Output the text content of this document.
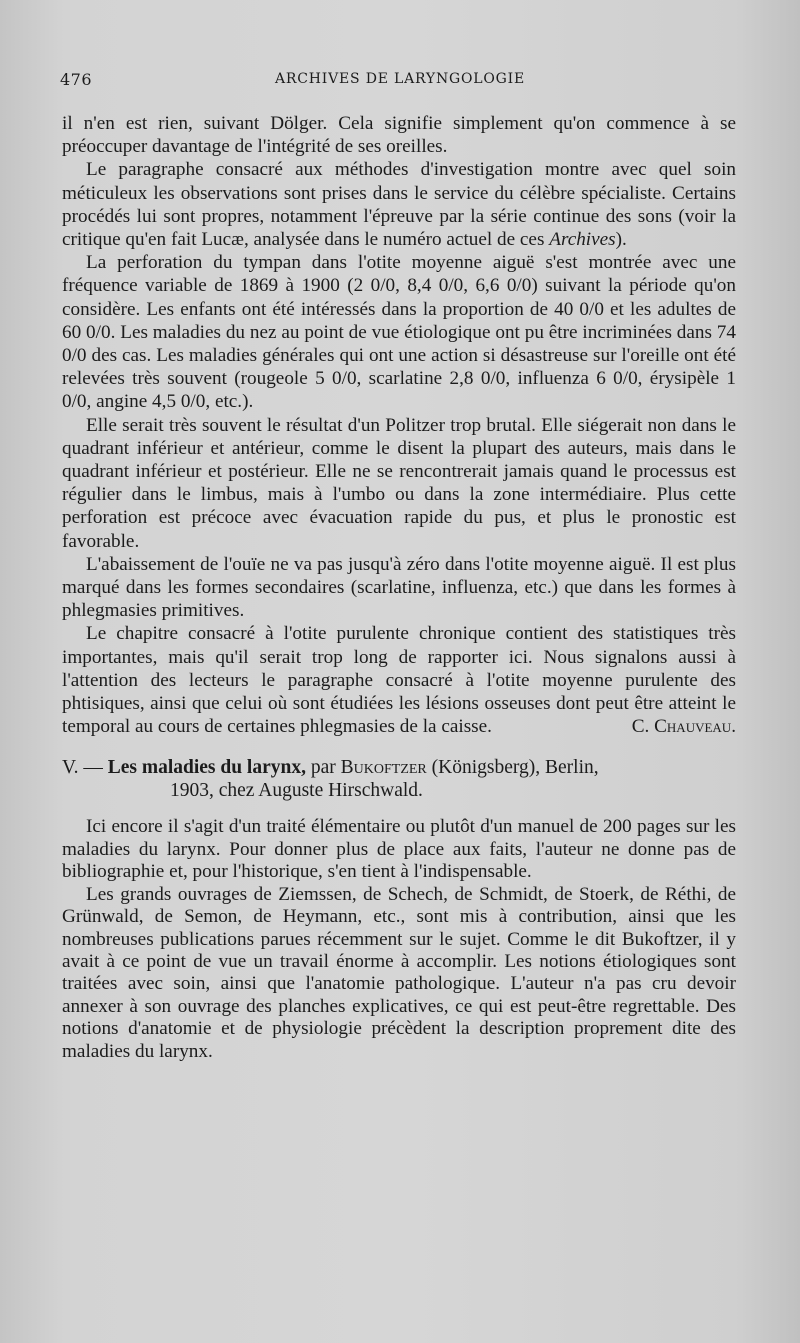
476	ARCHIVES DE LARYNGOLOGIE

il n'en est rien, suivant Dölger. Cela signifie simplement qu'on commence à se préoccuper davantage de l'intégrité de ses oreilles.

Le paragraphe consacré aux méthodes d'investigation montre avec quel soin méticuleux les observations sont prises dans le service du célèbre spécialiste. Certains procédés lui sont propres, notamment l'épreuve par la série continue des sons (voir la critique qu'en fait Lucæ, analysée dans le numéro actuel de ces Archives).

La perforation du tympan dans l'otite moyenne aiguë s'est montrée avec une fréquence variable de 1869 à 1900 (2 0/0, 8,4 0/0, 6,6 0/0) suivant la période qu'on considère. Les enfants ont été intéressés dans la proportion de 40 0/0 et les adultes de 60 0/0. Les maladies du nez au point de vue étiologique ont pu être incriminées dans 74 0/0 des cas. Les maladies générales qui ont une action si désastreuse sur l'oreille ont été relevées très souvent (rougeole 5 0/0, scarlatine 2,8 0/0, influenza 6 0/0, érysipèle 1 0/0, angine 4,5 0/0, etc.).

Elle serait très souvent le résultat d'un Politzer trop brutal. Elle siégerait non dans le quadrant inférieur et antérieur, comme le disent la plupart des auteurs, mais dans le quadrant inférieur et postérieur. Elle ne se rencontrerait jamais quand le processus est régulier dans le limbus, mais à l'umbo ou dans la zone intermédiaire. Plus cette perforation est précoce avec évacuation rapide du pus, et plus le pronostic est favorable.

L'abaissement de l'ouïe ne va pas jusqu'à zéro dans l'otite moyenne aiguë. Il est plus marqué dans les formes secondaires (scarlatine, influenza, etc.) que dans les formes à phlegmasies primitives.

Le chapitre consacré à l'otite purulente chronique contient des statistiques très importantes, mais qu'il serait trop long de rapporter ici. Nous signalons aussi à l'attention des lecteurs le paragraphe consacré à l'otite moyenne purulente des phtisiques, ainsi que celui où sont étudiées les lésions osseuses dont peut être atteint le temporal au cours de certaines phlegmasies de la caisse.	C. Chauveau.

V. — Les maladies du larynx, par Bukoftzer (Königsberg), Berlin,
1903, chez Auguste Hirschwald.

Ici encore il s'agit d'un traité élémentaire ou plutôt d'un manuel de 200 pages sur les maladies du larynx. Pour donner plus de place aux faits, l'auteur ne donne pas de bibliographie et, pour l'historique, s'en tient à l'indispensable.

Les grands ouvrages de Ziemssen, de Schech, de Schmidt, de Stoerk, de Réthi, de Grünwald, de Semon, de Heymann, etc., sont mis à contribution, ainsi que les nombreuses publications parues récemment sur le sujet. Comme le dit Bukoftzer, il y avait à ce point de vue un travail énorme à accomplir. Les notions étiologiques sont traitées avec soin, ainsi que l'anatomie pathologique. L'auteur n'a pas cru devoir annexer à son ouvrage des planches explicatives, ce qui est peut-être regrettable. Des notions d'anatomie et de physiologie précèdent la description proprement dite des maladies du larynx.
